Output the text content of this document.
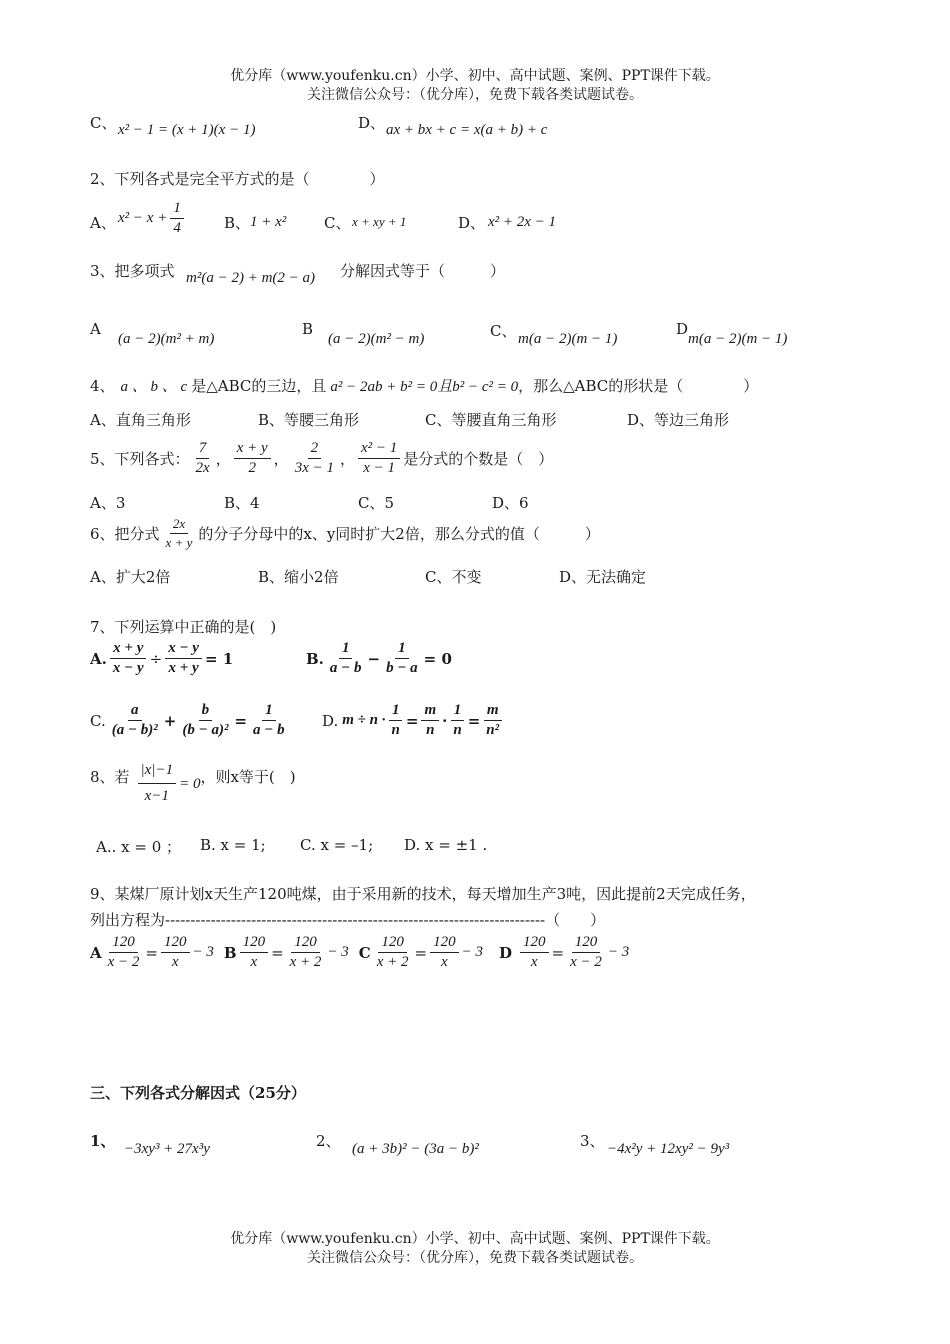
优分库（www.youfenku.cn）小学、初中、高中试题、案例、PPT课件下载。
关注微信公众号：（优分库），免费下载各类试题试卷。
C、 x² − 1 = (x + 1)(x − 1)	D、 ax + bx + c = x(a + b) + c
2、下列各式是完全平方式的是（　　　　）
A、 $x^2 - x + \frac{1}{4}$	B、 1 + x²	C、 x + xy + 1	D、 x² + 2x − 1
3、把多项式 m²(a − 2) + m(2 − a) 分解因式等于（　　　）
A
(a − 2)(m² + m)
B
(a − 2)(m² − m)	C、 m(a − 2)(m − 1)
D
m(a − 2)(m − 1)
4、 a 、 b 、 c 是△ABC的三边，且 a² − 2ab + b² = 0且b² − c² = 0 ，那么△ABC的形状是（　　　　）
A、直角三角形	B、等腰三角形	C、等腰直角三角形	D、等边三角形
5、下列各式： $\frac{7}{2x}$ ， $\frac{x + y}{2}$ ， $\frac{2}{3x - 1}$ ， $\frac{\text{x² − 1}}{x - 1}$ 是分式的个数是（　）
A、3	B、4	C、5	D、6
6、把分式 $\frac{2x}{x + y}$ 的分子分母中的x、y同时扩大2倍，那么分式的值（　　　）
A、扩大2倍	B、缩小2倍	C、不变	D、无法确定
7、下列运算中正确的是(　)
A. $\frac{x + y}{x - y} \div \frac{x - y}{x + y} = 1$	B. $\frac{1}{a - b} - \frac{1}{b - a} = 0$
C. $\frac{a}{\text{(a − b)²}} + \frac{b}{\text{(b − a)²}} = \frac{1}{a - b} D$. $m \div n \cdot \frac{1}{n} = \frac{m}{n} \cdot \frac{1}{n} = \frac{m}{\text{n²}}$
8、若 $\frac{|x|-1}{x-1} = 0$ ，则x等于(　)
A.. x = 0 ； B. x = 1; C. x = –1; D. x = ±1 .
9、某煤厂原计划x天生产120吨煤，由于采用新的技术，每天增加生产3吨，因此提前2天完成任务，
列出方程为---------------------------------------------------------------------------（　　）
A $\frac{120}{x - 2} = \frac{120}{x} - 3$ B $\frac{120}{x} = \frac{120}{x + 2} - 3$ C $\frac{120}{x + 2} = \frac{120}{x} - 3$ D $\frac{120}{x} = \frac{120}{x - 2} - 3$
三、下列各式分解因式（25分）
1、 −3xy³ + 27x³y	2、 (a + 3b)² − (3a − b)²	3、 −4x²y + 12xy² − 9y³
优分库（www.youfenku.cn）小学、初中、高中试题、案例、PPT课件下载。
关注微信公众号：（优分库），免费下载各类试题试卷。
